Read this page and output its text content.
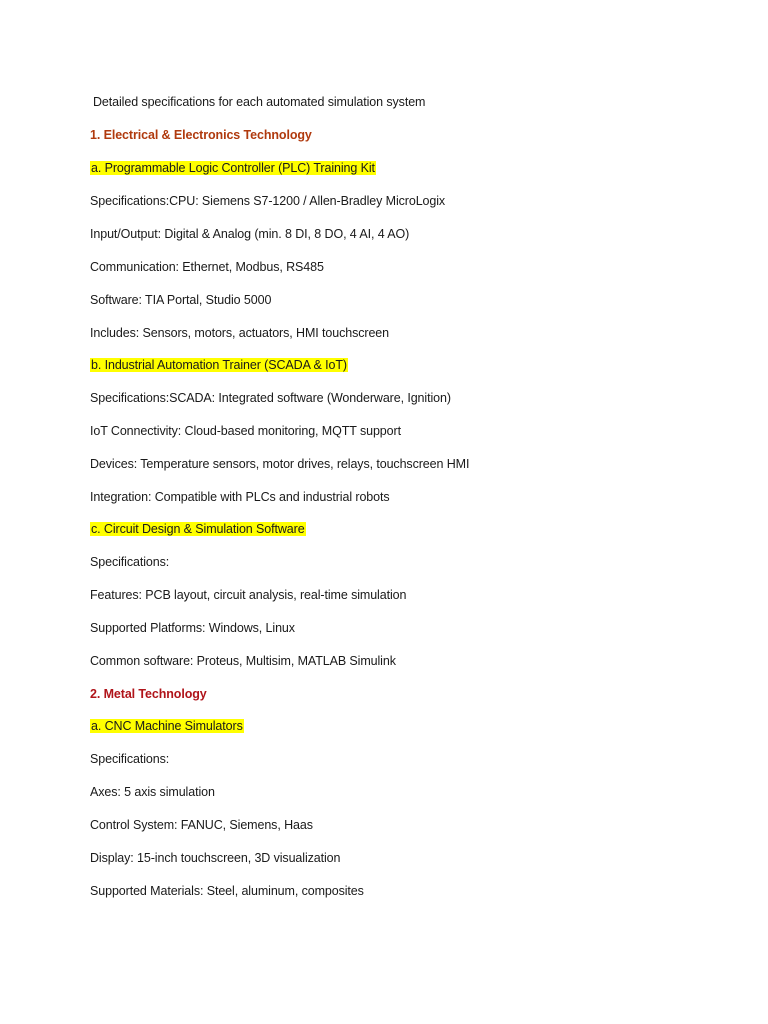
Detailed specifications for each automated simulation system
1. Electrical & Electronics Technology
a. Programmable Logic Controller (PLC) Training Kit
Specifications:CPU: Siemens S7-1200 / Allen-Bradley MicroLogix
Input/Output: Digital & Analog (min. 8 DI, 8 DO, 4 AI, 4 AO)
Communication: Ethernet, Modbus, RS485
Software: TIA Portal, Studio 5000
Includes: Sensors, motors, actuators, HMI touchscreen
b. Industrial Automation Trainer (SCADA & IoT)
Specifications:SCADA: Integrated software (Wonderware, Ignition)
IoT Connectivity: Cloud-based monitoring, MQTT support
Devices: Temperature sensors, motor drives, relays, touchscreen HMI
Integration: Compatible with PLCs and industrial robots
c. Circuit Design & Simulation Software
Specifications:
Features: PCB layout, circuit analysis, real-time simulation
Supported Platforms: Windows, Linux
Common software: Proteus, Multisim, MATLAB Simulink
2. Metal Technology
a. CNC Machine Simulators
Specifications:
Axes: 5 axis simulation
Control System: FANUC, Siemens, Haas
Display: 15-inch touchscreen, 3D visualization
Supported Materials: Steel, aluminum, composites
